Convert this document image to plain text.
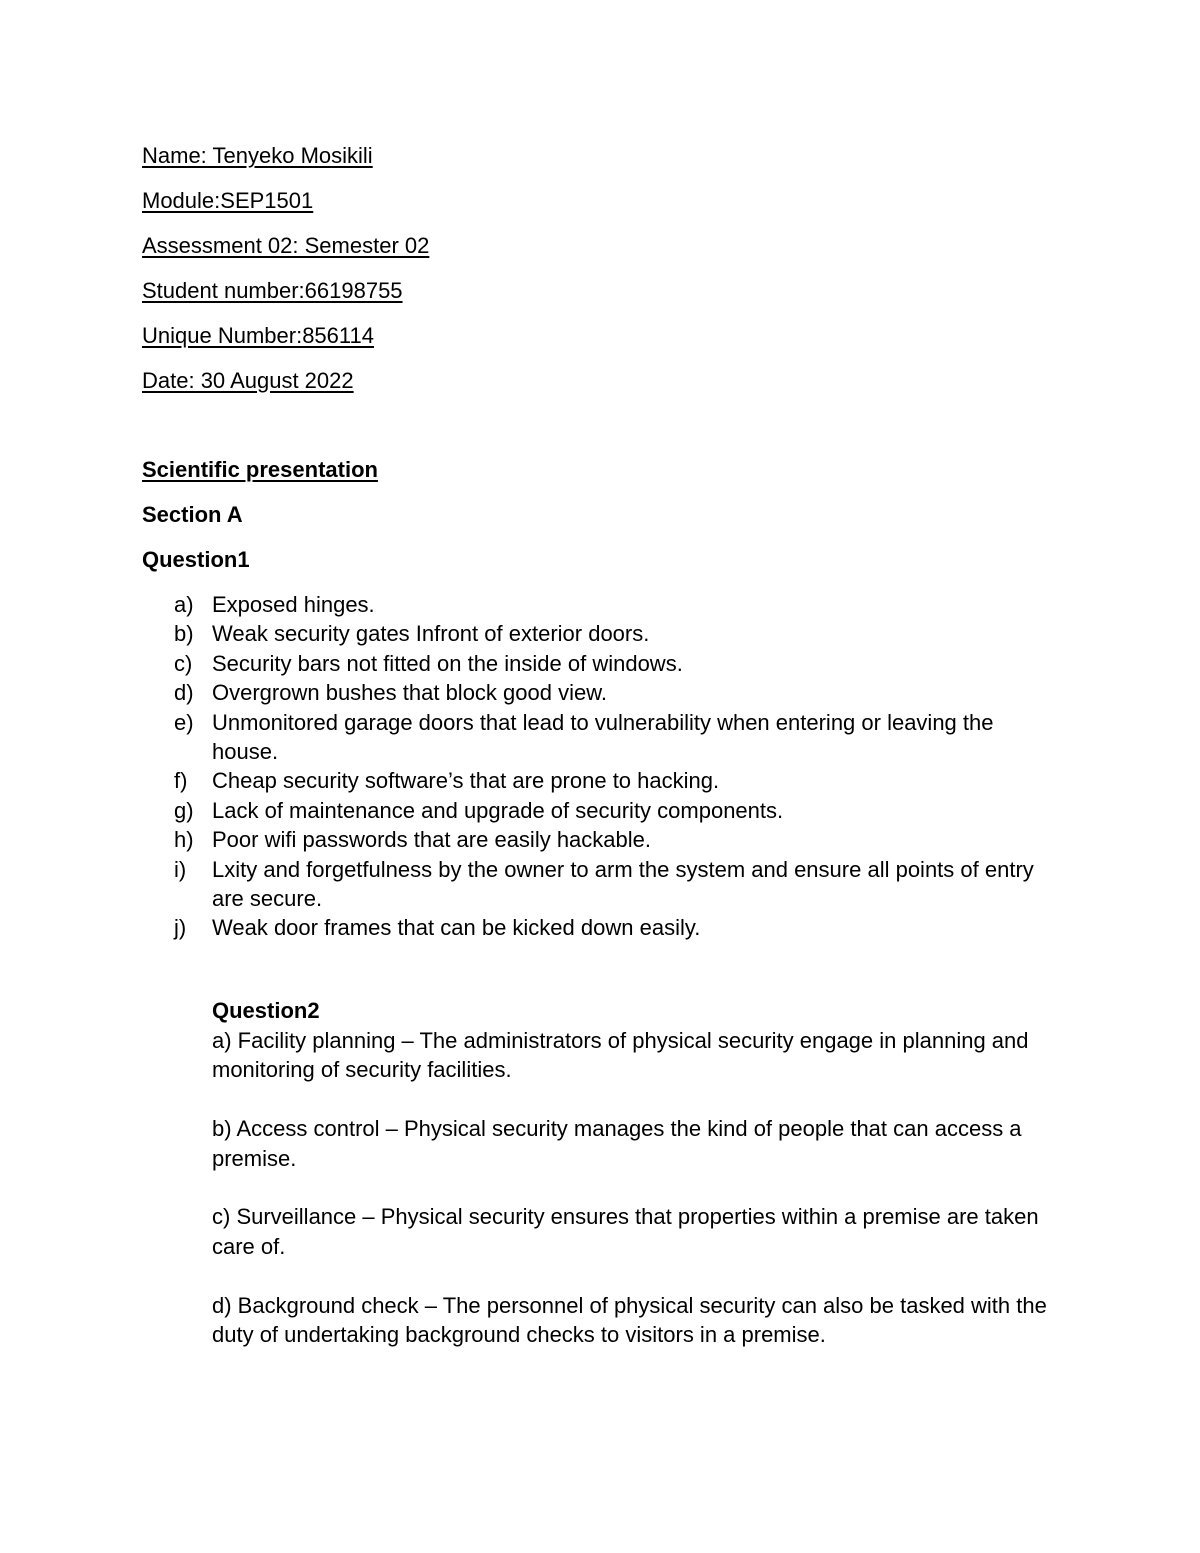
Name: Tenyeko Mosikili
Module:SEP1501
Assessment 02: Semester 02
Student number:66198755
Unique Number:856114
Date: 30 August 2022
Scientific presentation
Section A
Question1
a) Exposed hinges.
b) Weak security gates Infront of exterior doors.
c) Security bars not fitted on the inside of windows.
d) Overgrown bushes that block good view.
e) Unmonitored garage doors that lead to vulnerability when entering or leaving the house.
f) Cheap security software’s that are prone to hacking.
g) Lack of maintenance and upgrade of security components.
h) Poor wifi passwords that are easily hackable.
i) Lxity and forgetfulness by the owner to arm the system and ensure all points of entry are secure.
j) Weak door frames that can be kicked down easily.
Question2

a) Facility planning – The administrators of physical security engage in planning and monitoring of security facilities.

b) Access control – Physical security manages the kind of people that can access a premise.

c) Surveillance – Physical security ensures that properties within a premise are taken care of.

d) Background check – The personnel of physical security can also be tasked with the duty of undertaking background checks to visitors in a premise.
